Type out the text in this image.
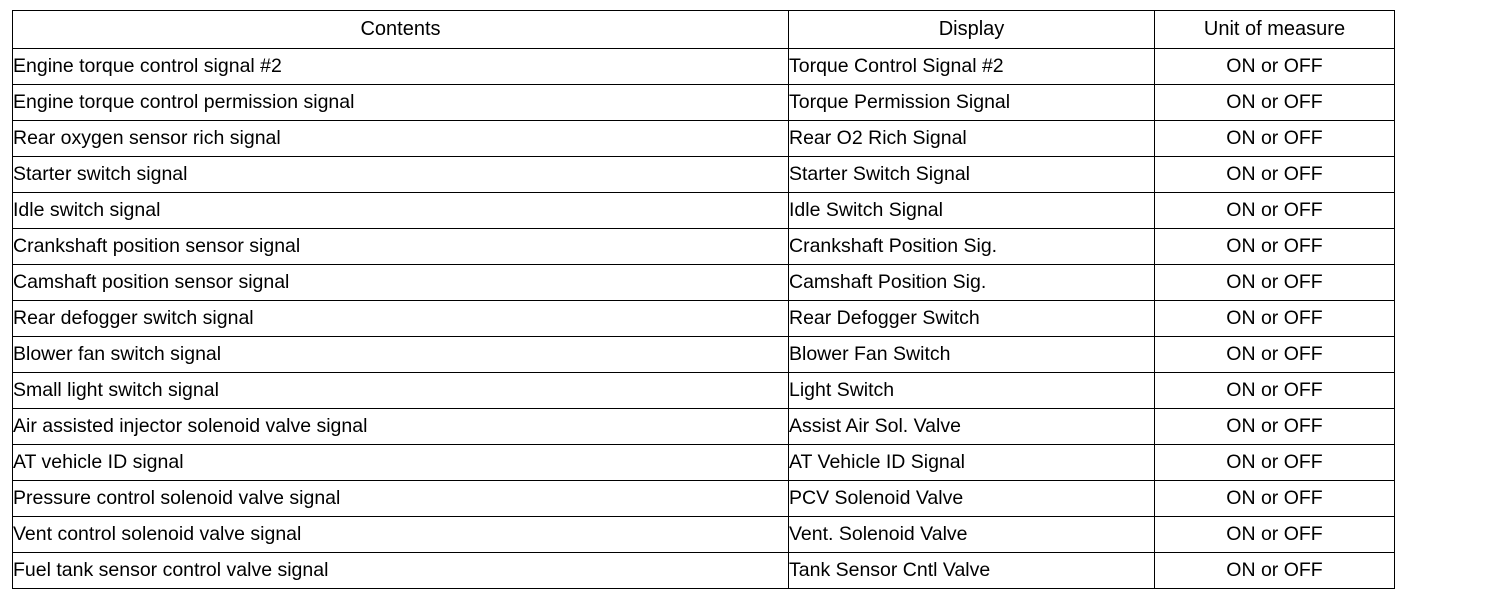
Contents	Display	Unit of measure
Engine torque control signal #2	Torque Control Signal #2	ON or OFF
Engine torque control permission signal	Torque Permission Signal	ON or OFF
Rear oxygen sensor rich signal	Rear O2 Rich Signal	ON or OFF
Starter switch signal	Starter Switch Signal	ON or OFF
Idle switch signal	Idle Switch Signal	ON or OFF
Crankshaft position sensor signal	Crankshaft Position Sig.	ON or OFF
Camshaft position sensor signal	Camshaft Position Sig.	ON or OFF
Rear defogger switch signal	Rear Defogger Switch	ON or OFF
Blower fan switch signal	Blower Fan Switch	ON or OFF
Small light switch signal	Light Switch	ON or OFF
Air assisted injector solenoid valve signal	Assist Air Sol. Valve	ON or OFF
AT vehicle ID signal	AT Vehicle ID Signal	ON or OFF
Pressure control solenoid valve signal	PCV Solenoid Valve	ON or OFF
Vent control solenoid valve signal	Vent. Solenoid Valve	ON or OFF
Fuel tank sensor control valve signal	Tank Sensor Cntl Valve	ON or OFF
